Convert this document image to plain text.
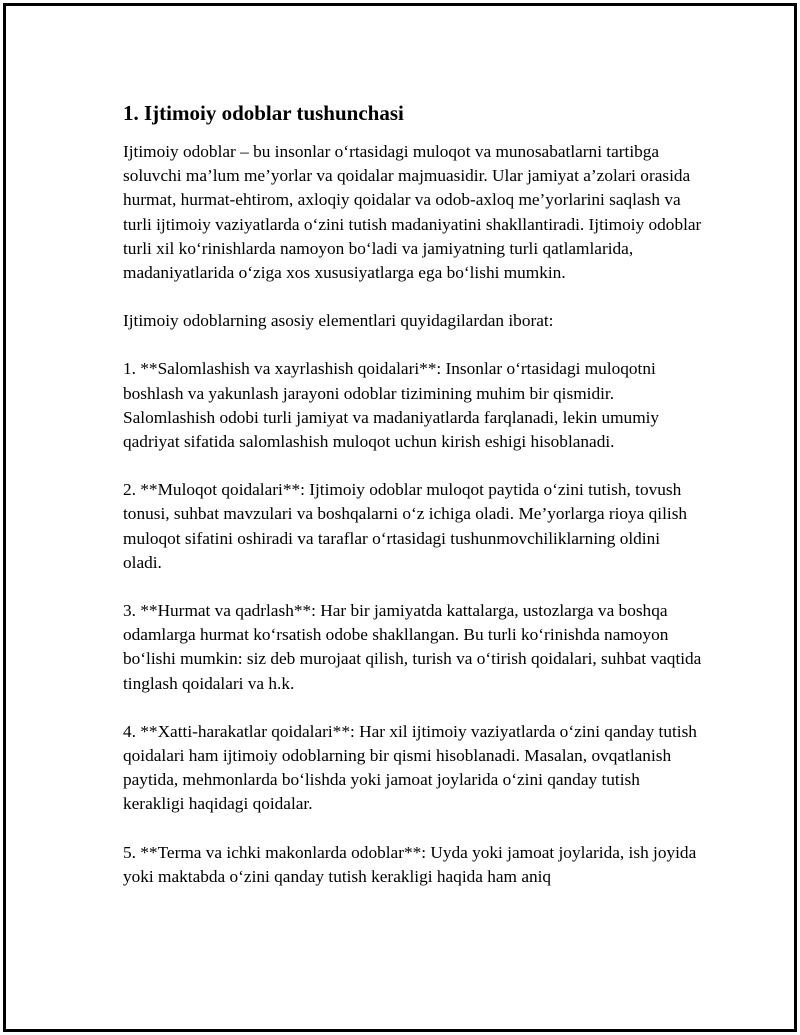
1. Ijtimoiy odoblar tushunchasi

Ijtimoiy odoblar – bu insonlar o‘rtasidagi muloqot va munosabatlarni tartibga soluvchi ma’lum me’yorlar va qoidalar majmuasidir. Ular jamiyat a’zolari orasida hurmat, hurmat-ehtirom, axloqiy qoidalar va odob-axloq me’yorlarini saqlash va turli ijtimoiy vaziyatlarda o‘zini tutish madaniyatini shakllantiradi. Ijtimoiy odoblar turli xil ko‘rinishlarda namoyon bo‘ladi va jamiyatning turli qatlamlarida, madaniyatlarida o‘ziga xos xususiyatlarga ega bo‘lishi mumkin.

Ijtimoiy odoblarning asosiy elementlari quyidagilardan iborat:

1. **Salomlashish va xayrlashish qoidalari**: Insonlar o‘rtasidagi muloqotni boshlash va yakunlash jarayoni odoblar tizimining muhim bir qismidir. Salomlashish odobi turli jamiyat va madaniyatlarda farqlanadi, lekin umumiy qadriyat sifatida salomlashish muloqot uchun kirish eshigi hisoblanadi.

2. **Muloqot qoidalari**: Ijtimoiy odoblar muloqot paytida o‘zini tutish, tovush tonusi, suhbat mavzulari va boshqalarni o‘z ichiga oladi. Me’yorlarga rioya qilish muloqot sifatini oshiradi va taraflar o‘rtasidagi tushunmovchiliklarning oldini oladi.

3. **Hurmat va qadrlash**: Har bir jamiyatda kattalarga, ustozlarga va boshqa odamlarga hurmat ko‘rsatish odobe shakllangan. Bu turli ko‘rinishda namoyon bo‘lishi mumkin: siz deb murojaat qilish, turish va o‘tirish qoidalari, suhbat vaqtida tinglash qoidalari va h.k.

4. **Xatti-harakatlar qoidalari**: Har xil ijtimoiy vaziyatlarda o‘zini qanday tutish qoidalari ham ijtimoiy odoblarning bir qismi hisoblanadi. Masalan, ovqatlanish paytida, mehmonlarda bo‘lishda yoki jamoat joylarida o‘zini qanday tutish kerakligi haqidagi qoidalar.

5. **Terma va ichki makonlarda odoblar**: Uyda yoki jamoat joylarida, ish joyida yoki maktabda o‘zini qanday tutish kerakligi haqida ham aniq
